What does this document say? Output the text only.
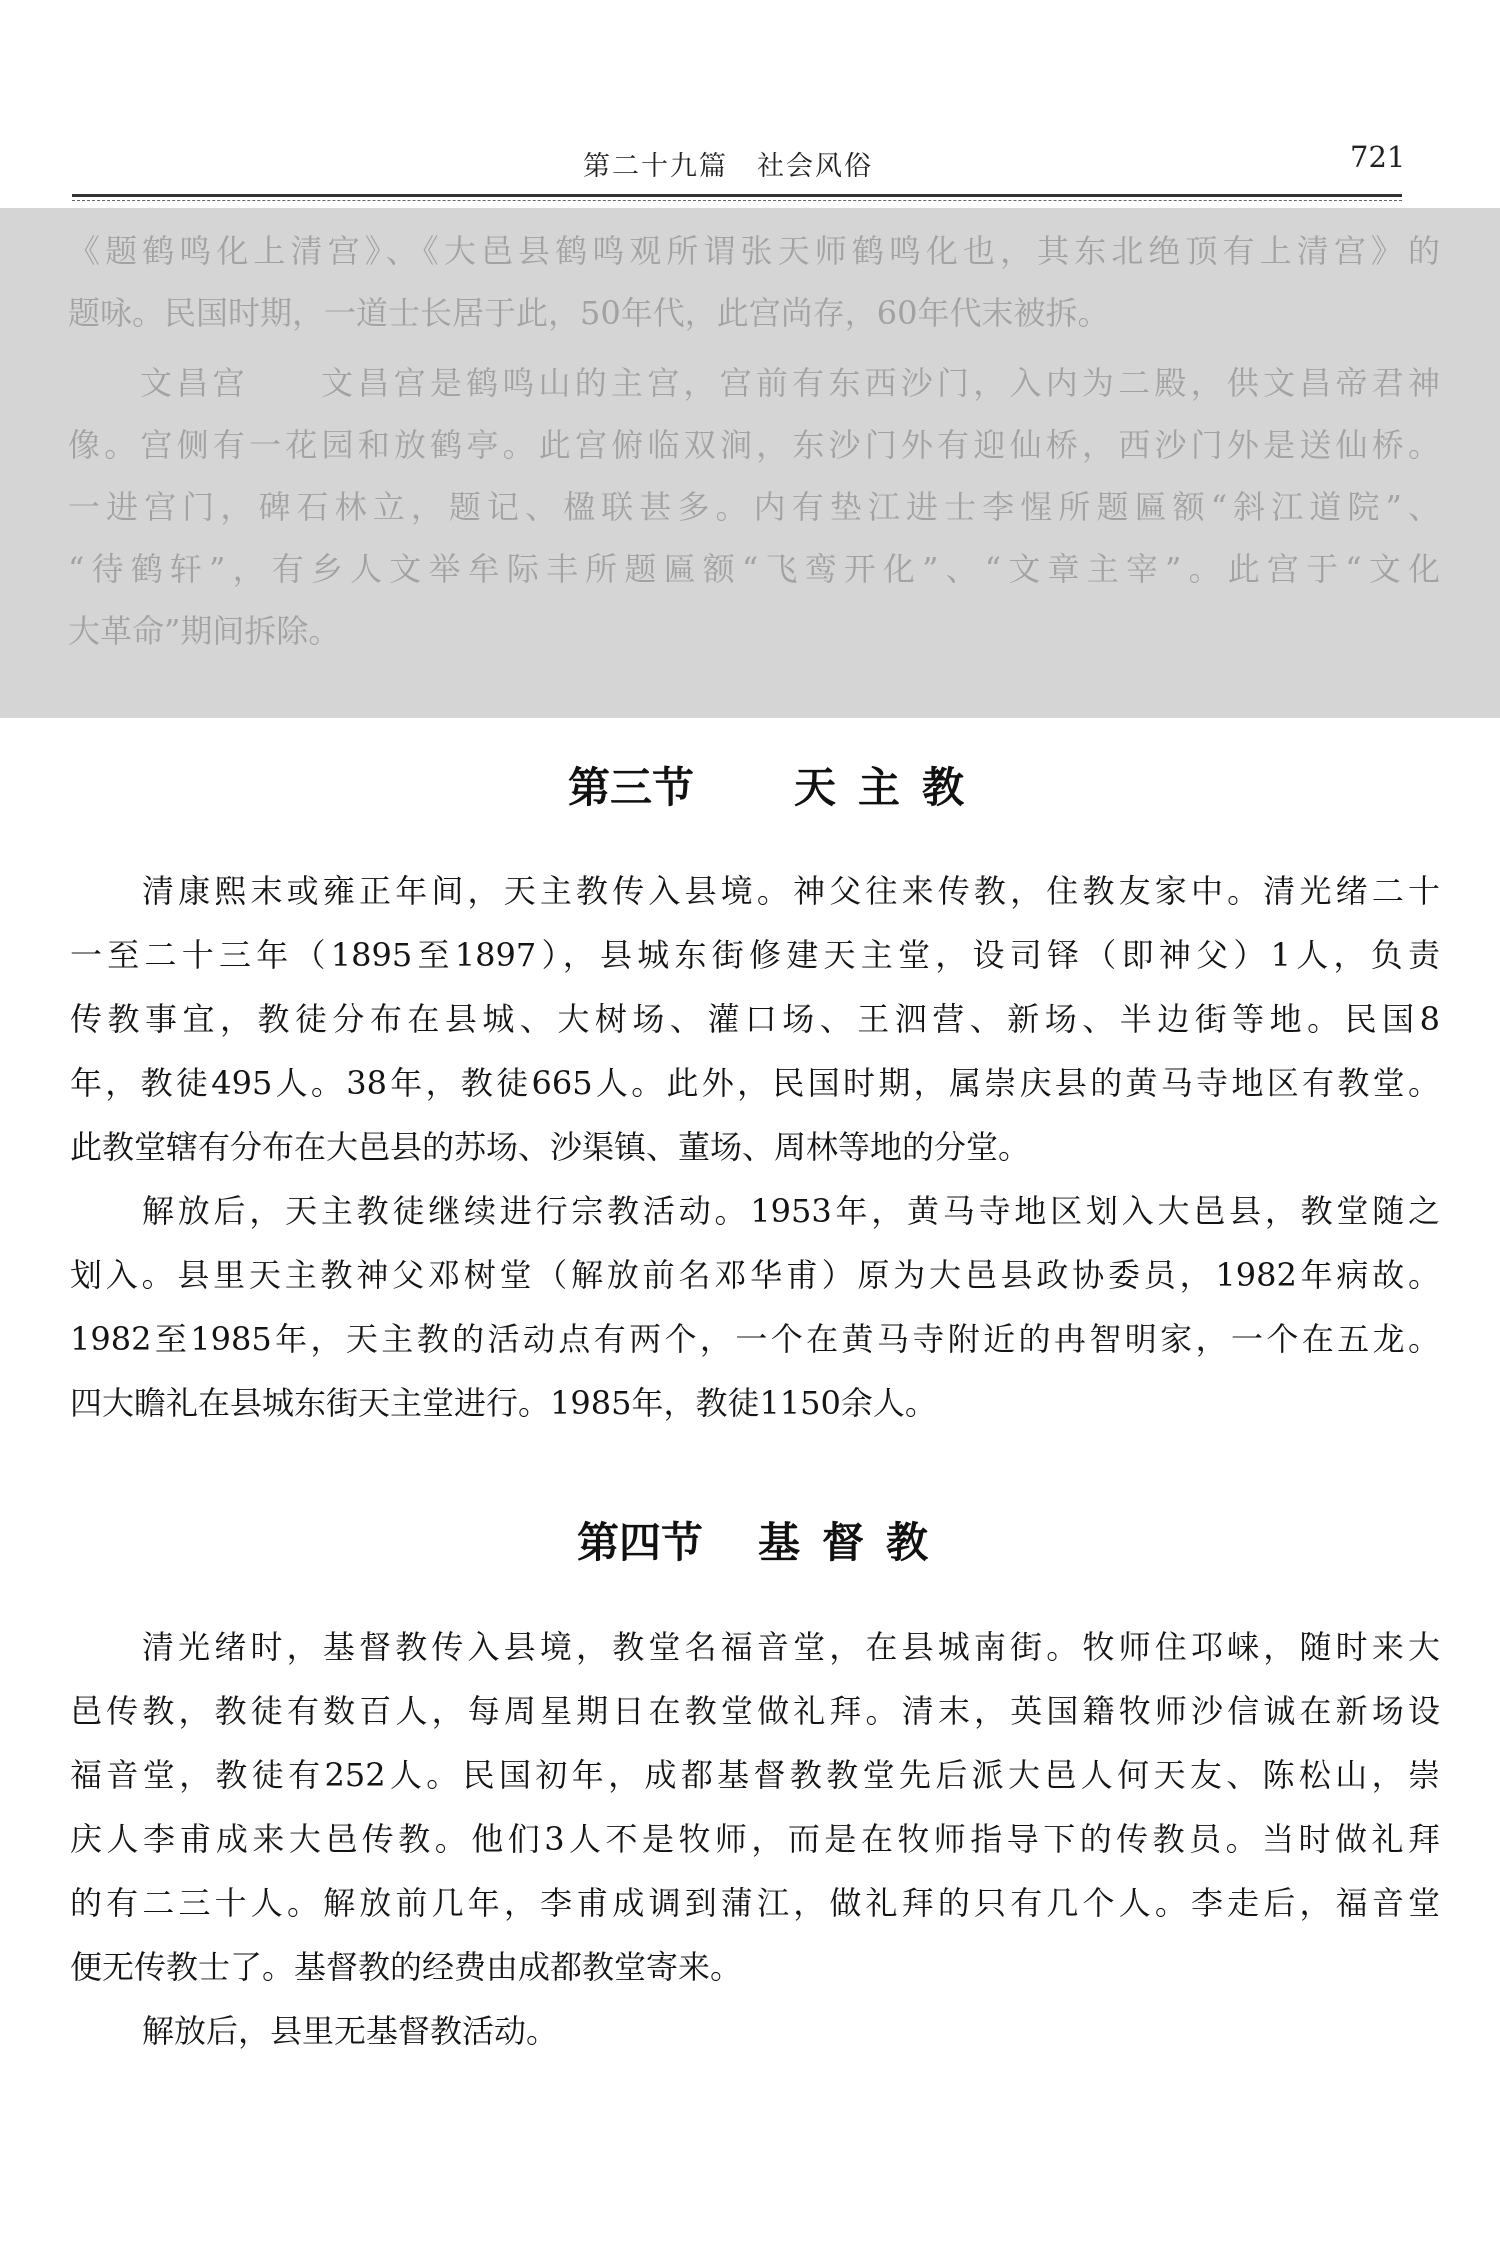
第二十九篇　社会风俗	721
《题鹤鸣化上清宫》、《大邑县鹤鸣观所谓张天师鹤鸣化也，其东北绝顶有上清宫》的
题咏。民国时期，一道士长居于此，50年代，此宫尚存，60年代末被拆。
文昌宫　　文昌宫是鹤鸣山的主宫，宫前有东西沙门，入内为二殿，供文昌帝君神
像。宫侧有一花园和放鹤亭。此宫俯临双涧，东沙门外有迎仙桥，西沙门外是送仙桥。
一进宫门，碑石林立，题记、楹联甚多。内有垫江进士李惺所题匾额“斜江道院”、
“待鹤轩”，有乡人文举牟际丰所题匾额“飞鸾开化”、“文章主宰”。此宫于“文化
大革命”期间拆除。
第三节 天主教
清康熙末或雍正年间，天主教传入县境。神父往来传教，住教友家中。清光绪二十
一至二十三年（1895至1897），县城东街修建天主堂，设司铎（即神父）1人，负责
传教事宜，教徒分布在县城、大树场、灌口场、王泗营、新场、半边街等地。民国8
年，教徒495人。38年，教徒665人。此外，民国时期，属崇庆县的黄马寺地区有教堂。
此教堂辖有分布在大邑县的苏场、沙渠镇、董场、周林等地的分堂。
解放后，天主教徒继续进行宗教活动。1953年，黄马寺地区划入大邑县，教堂随之
划入。县里天主教神父邓树堂（解放前名邓华甫）原为大邑县政协委员，1982年病故。
1982至1985年，天主教的活动点有两个，一个在黄马寺附近的冉智明家，一个在五龙。
四大瞻礼在县城东街天主堂进行。1985年，教徒1150余人。
第四节 基督教
清光绪时，基督教传入县境，教堂名福音堂，在县城南街。牧师住邛崃，随时来大
邑传教，教徒有数百人，每周星期日在教堂做礼拜。清末，英国籍牧师沙信诚在新场设
福音堂，教徒有252人。民国初年，成都基督教教堂先后派大邑人何天友、陈松山，崇
庆人李甫成来大邑传教。他们3人不是牧师，而是在牧师指导下的传教员。当时做礼拜
的有二三十人。解放前几年，李甫成调到蒲江，做礼拜的只有几个人。李走后，福音堂
便无传教士了。基督教的经费由成都教堂寄来。
解放后，县里无基督教活动。
